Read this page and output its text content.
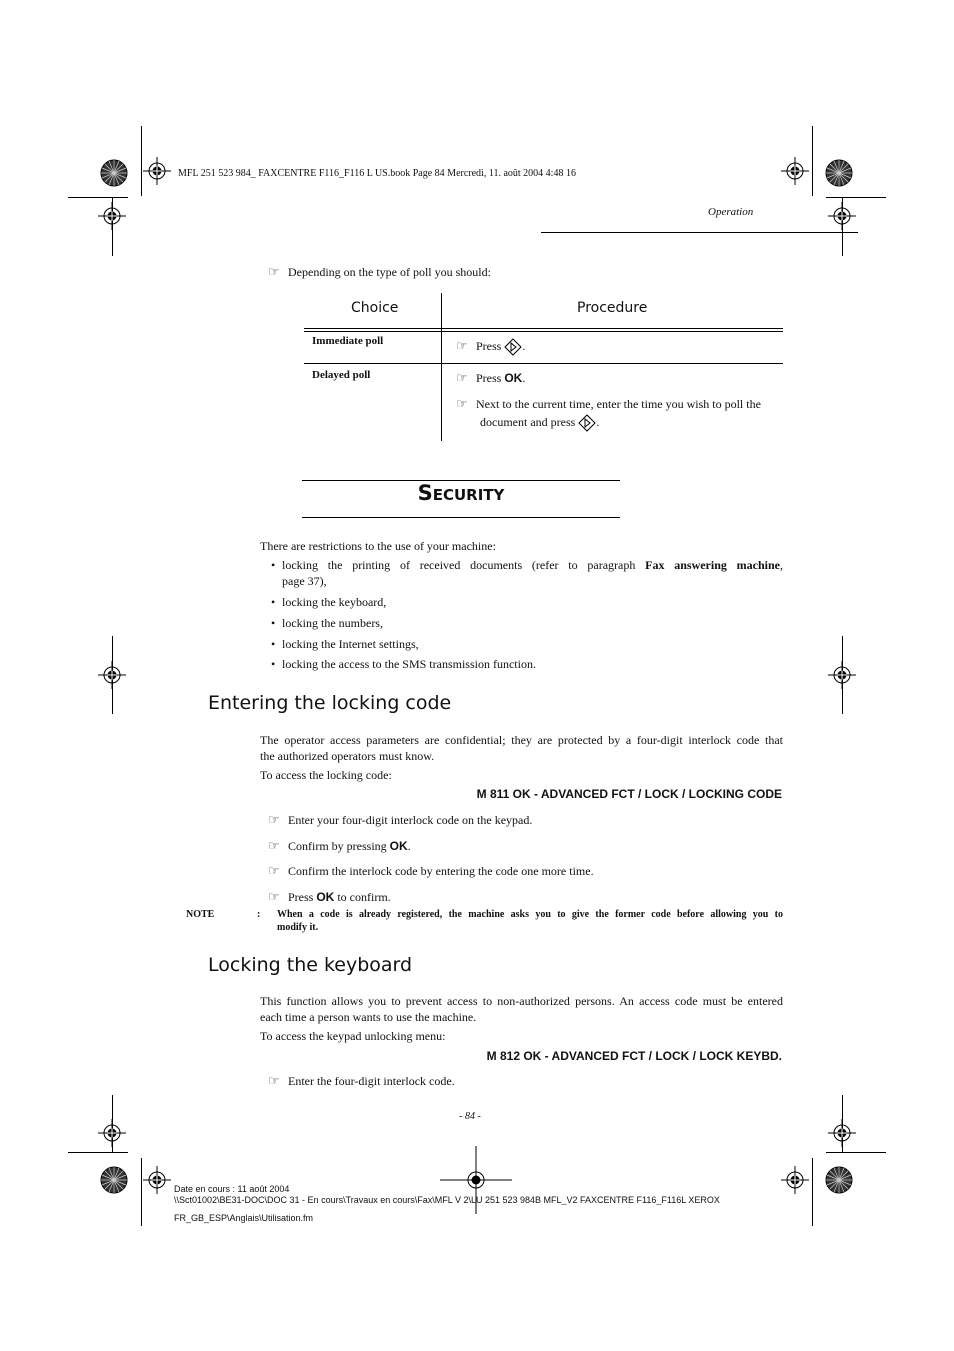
MFL 251 523 984_ FAXCENTRE F116_F116 L US.book Page 84 Mercredi, 11. août 2004 4:48 16
Operation
☞ Depending on the type of poll you should:
Choice	Procedure
Immediate poll	☞ Press .
Delayed poll	☞ Press OK.
☞ Next to the current time, enter the time you wish to poll the
document and press .
SECURITY
There are restrictions to the use of your machine:
• locking the printing of received documents (refer to paragraph Fax answering machine,
page 37),
• locking the keyboard,
• locking the numbers,
• locking the Internet settings,
• locking the access to the SMS transmission function.
Entering the locking code
The operator access parameters are confidential; they are protected by a four-digit interlock code that
the authorized operators must know.
To access the locking code:
M 811 OK - ADVANCED FCT / LOCK / LOCKING CODE
☞ Enter your four-digit interlock code on the keypad.
☞ Confirm by pressing OK.
☞ Confirm the interlock code by entering the code one more time.
☞ Press OK to confirm.
NOTE	: When a code is already registered, the machine asks you to give the former code before allowing you to
modify it.
Locking the keyboard
This function allows you to prevent access to non-authorized persons. An access code must be entered
each time a person wants to use the machine.
To access the keypad unlocking menu:
M 812 OK - ADVANCED FCT / LOCK / LOCK KEYBD.
☞ Enter the four-digit interlock code.
- 84 -
Date en cours : 11 août 2004
\\Sct01002\BE31-DOC\DOC 31 - En cours\Travaux en cours\Fax\MFL V 2\LU 251 523 984B MFL_V2 FAXCENTRE F116_F116L XEROX
FR_GB_ESP\Anglais\Utilisation.fm
